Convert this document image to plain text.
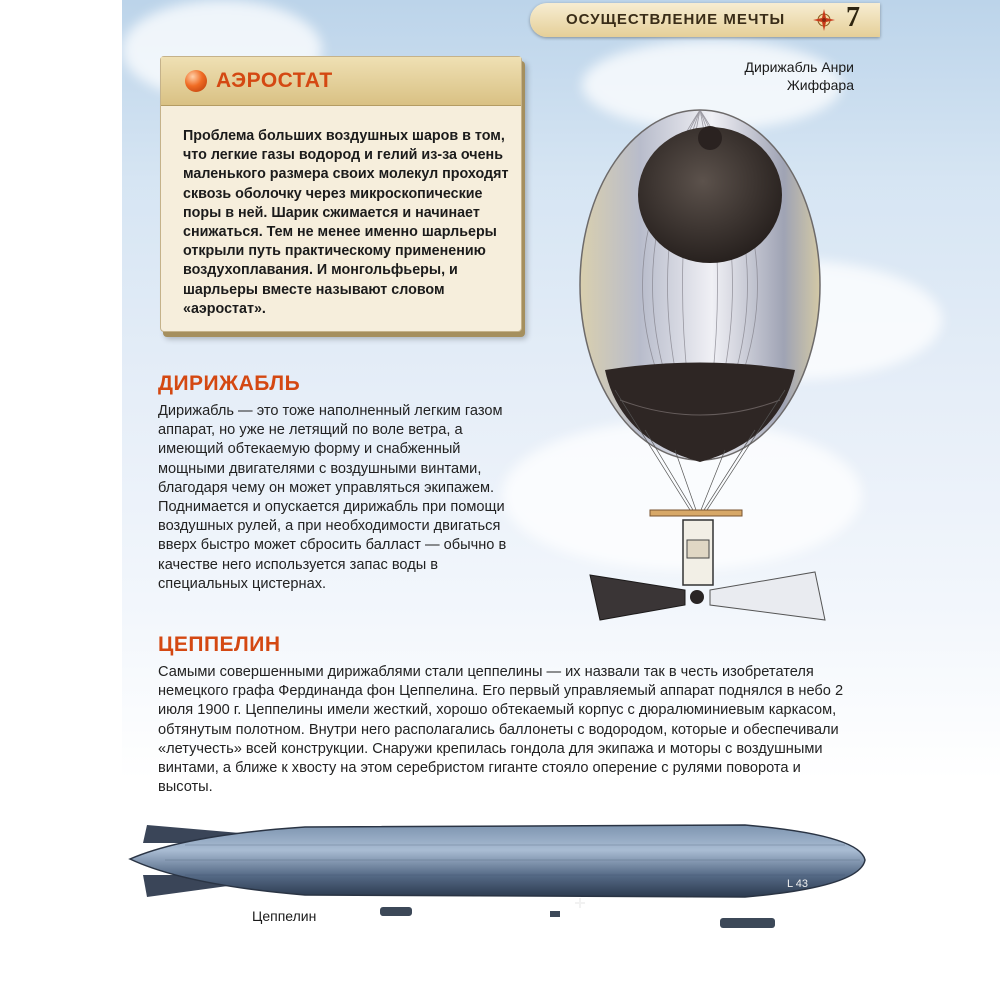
ОСУЩЕСТВЛЕНИЕ МЕЧТЫ 7
Дирижабль Анри Жиффара
АЭРОСТАТ
Проблема больших воздушных шаров в том, что легкие газы водород и гелий из-за очень маленького размера своих молекул проходят сквозь оболочку через микроскопические поры в ней. Шарик сжимается и начинает снижаться. Тем не менее именно шарльеры открыли путь практическому применению воздухоплавания. И монгольфьеры, и шарльеры вместе называют словом «аэростат».
ДИРИЖАБЛЬ
Дирижабль — это тоже наполненный легким газом аппарат, но уже не летящий по воле ветра, а имеющий обтекаемую форму и снабженный мощными двигателями с воздушными винтами, благодаря чему он может управляться экипажем. Поднимается и опускается дирижабль при помощи воздушных рулей, а при необходимости двигаться вверх быстро может сбросить балласт — обычно в качестве него используется запас воды в специальных цистернах.
ЦЕППЕЛИН
Самыми совершенными дирижаблями стали цеппелины — их назвали так в честь изобретателя немецкого графа Фердинанда фон Цеппелина. Его первый управляемый аппарат поднялся в небо 2 июля 1900 г. Цеппелины имели жесткий, хорошо обтекаемый корпус с дюралюминиевым каркасом, обтянутым полотном. Внутри него располагались баллонеты с водородом, которые и обеспечивали «летучесть» всей конструкции. Снаружи крепилась гондола для экипажа и моторы с воздушными винтами, а ближе к хвосту на этом серебристом гиганте стояло оперение с рулями поворота и высоты.
L 43
Цеппелин
